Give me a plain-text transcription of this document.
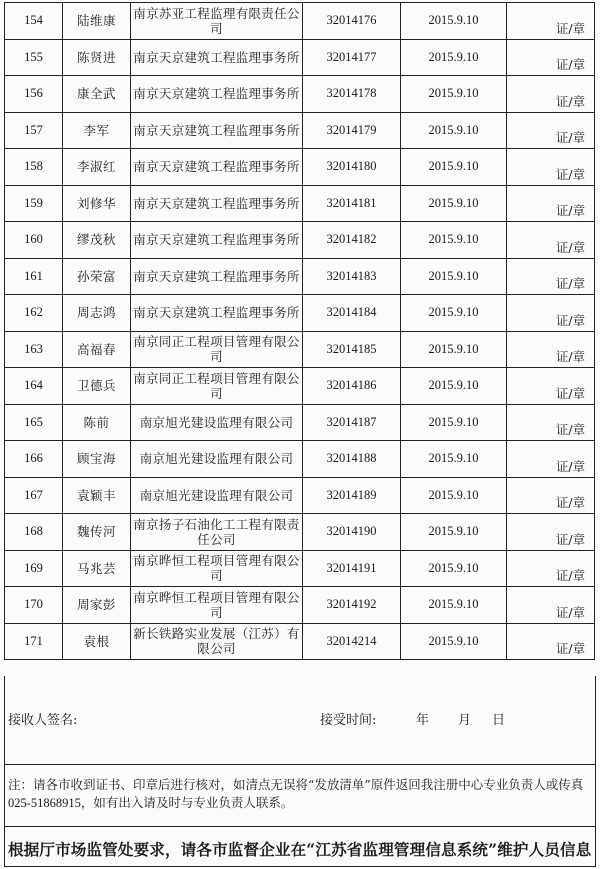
154	陆维康	南京苏亚工程监理有限责任公司	32014176	2015.9.10	证/章

155	陈贤进	南京天京建筑工程监理事务所	32014177	2015.9.10	证/章

156	康全武	南京天京建筑工程监理事务所	32014178	2015.9.10	证/章

157	李军	南京天京建筑工程监理事务所	32014179	2015.9.10	证/章

158	李淑红	南京天京建筑工程监理事务所	32014180	2015.9.10	证/章

159	刘修华	南京天京建筑工程监理事务所	32014181	2015.9.10	证/章

160	缪茂秋	南京天京建筑工程监理事务所	32014182	2015.9.10	证/章

161	孙荣富	南京天京建筑工程监理事务所	32014183	2015.9.10	证/章

162	周志鸿	南京天京建筑工程监理事务所	32014184	2015.9.10	证/章

163	高福春	南京同正工程项目管理有限公司	32014185	2015.9.10	证/章

164	卫德兵	南京同正工程项目管理有限公司	32014186	2015.9.10	证/章

165	陈前	南京旭光建设监理有限公司	32014187	2015.9.10	证/章

166	顾宝海	南京旭光建设监理有限公司	32014188	2015.9.10	证/章

167	袁颖丰	南京旭光建设监理有限公司	32014189	2015.9.10	证/章

168	魏传河	南京扬子石油化工工程有限责任公司	32014190	2015.9.10	证/章

169	马兆芸	南京晔恒工程项目管理有限公司	32014191	2015.9.10	证/章

170	周家彭	南京晔恒工程项目管理有限公司	32014192	2015.9.10	证/章

171	袁根	新长铁路实业发展（江苏）有限公司	32014214	2015.9.10	证/章
接收人签名:	接受时间:	年 月 日
注：请各市收到证书、印章后进行核对，如清点无误将“发放清单”原件返回我注册中心专业负责人或传真
025-51868915，如有出入请及时与专业负责人联系。
根据厅市场监管处要求，请各市监督企业在“江苏省监理管理信息系统”维护人员信息
